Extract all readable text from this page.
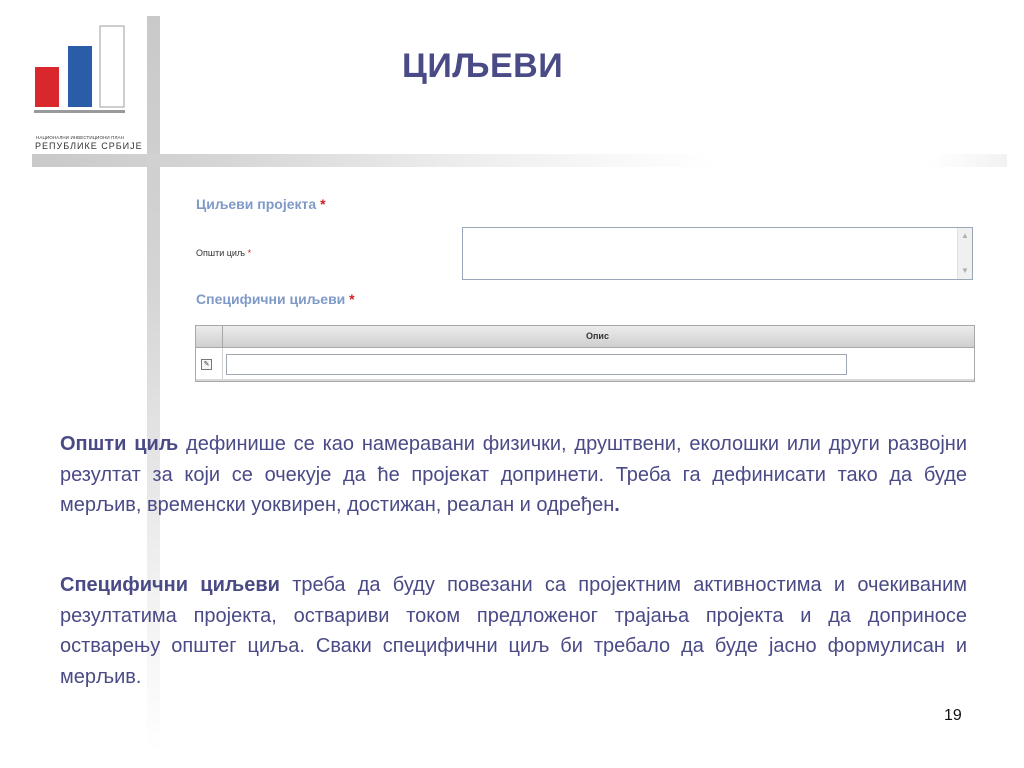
НАЦИОНАЛНИ ИНВЕСТИЦИОНИ ПЛАН
РЕПУБЛИКЕ СРБИЈЕ
ЦИЉЕВИ
Циљеви пројекта *
Општи циљ *
▲
▼
Специфични циљеви *
Опис
✎

Општи циљ дефинише се као намеравани физички, друштвени, еколошки или други развојни резултат за који се очекује да ће пројекат допринети. Треба га дефинисати тако да буде мерљив, временски уоквирен, достижан, реалан и одређен.

Специфични циљеви треба да буду повезани са пројектним активностима и очекиваним резултатима пројекта, оствариви током предложеног трајања пројекта и да доприносе остварењу општег циља. Сваки специфични циљ би требало да буде јасно формулисан и мерљив.

19
